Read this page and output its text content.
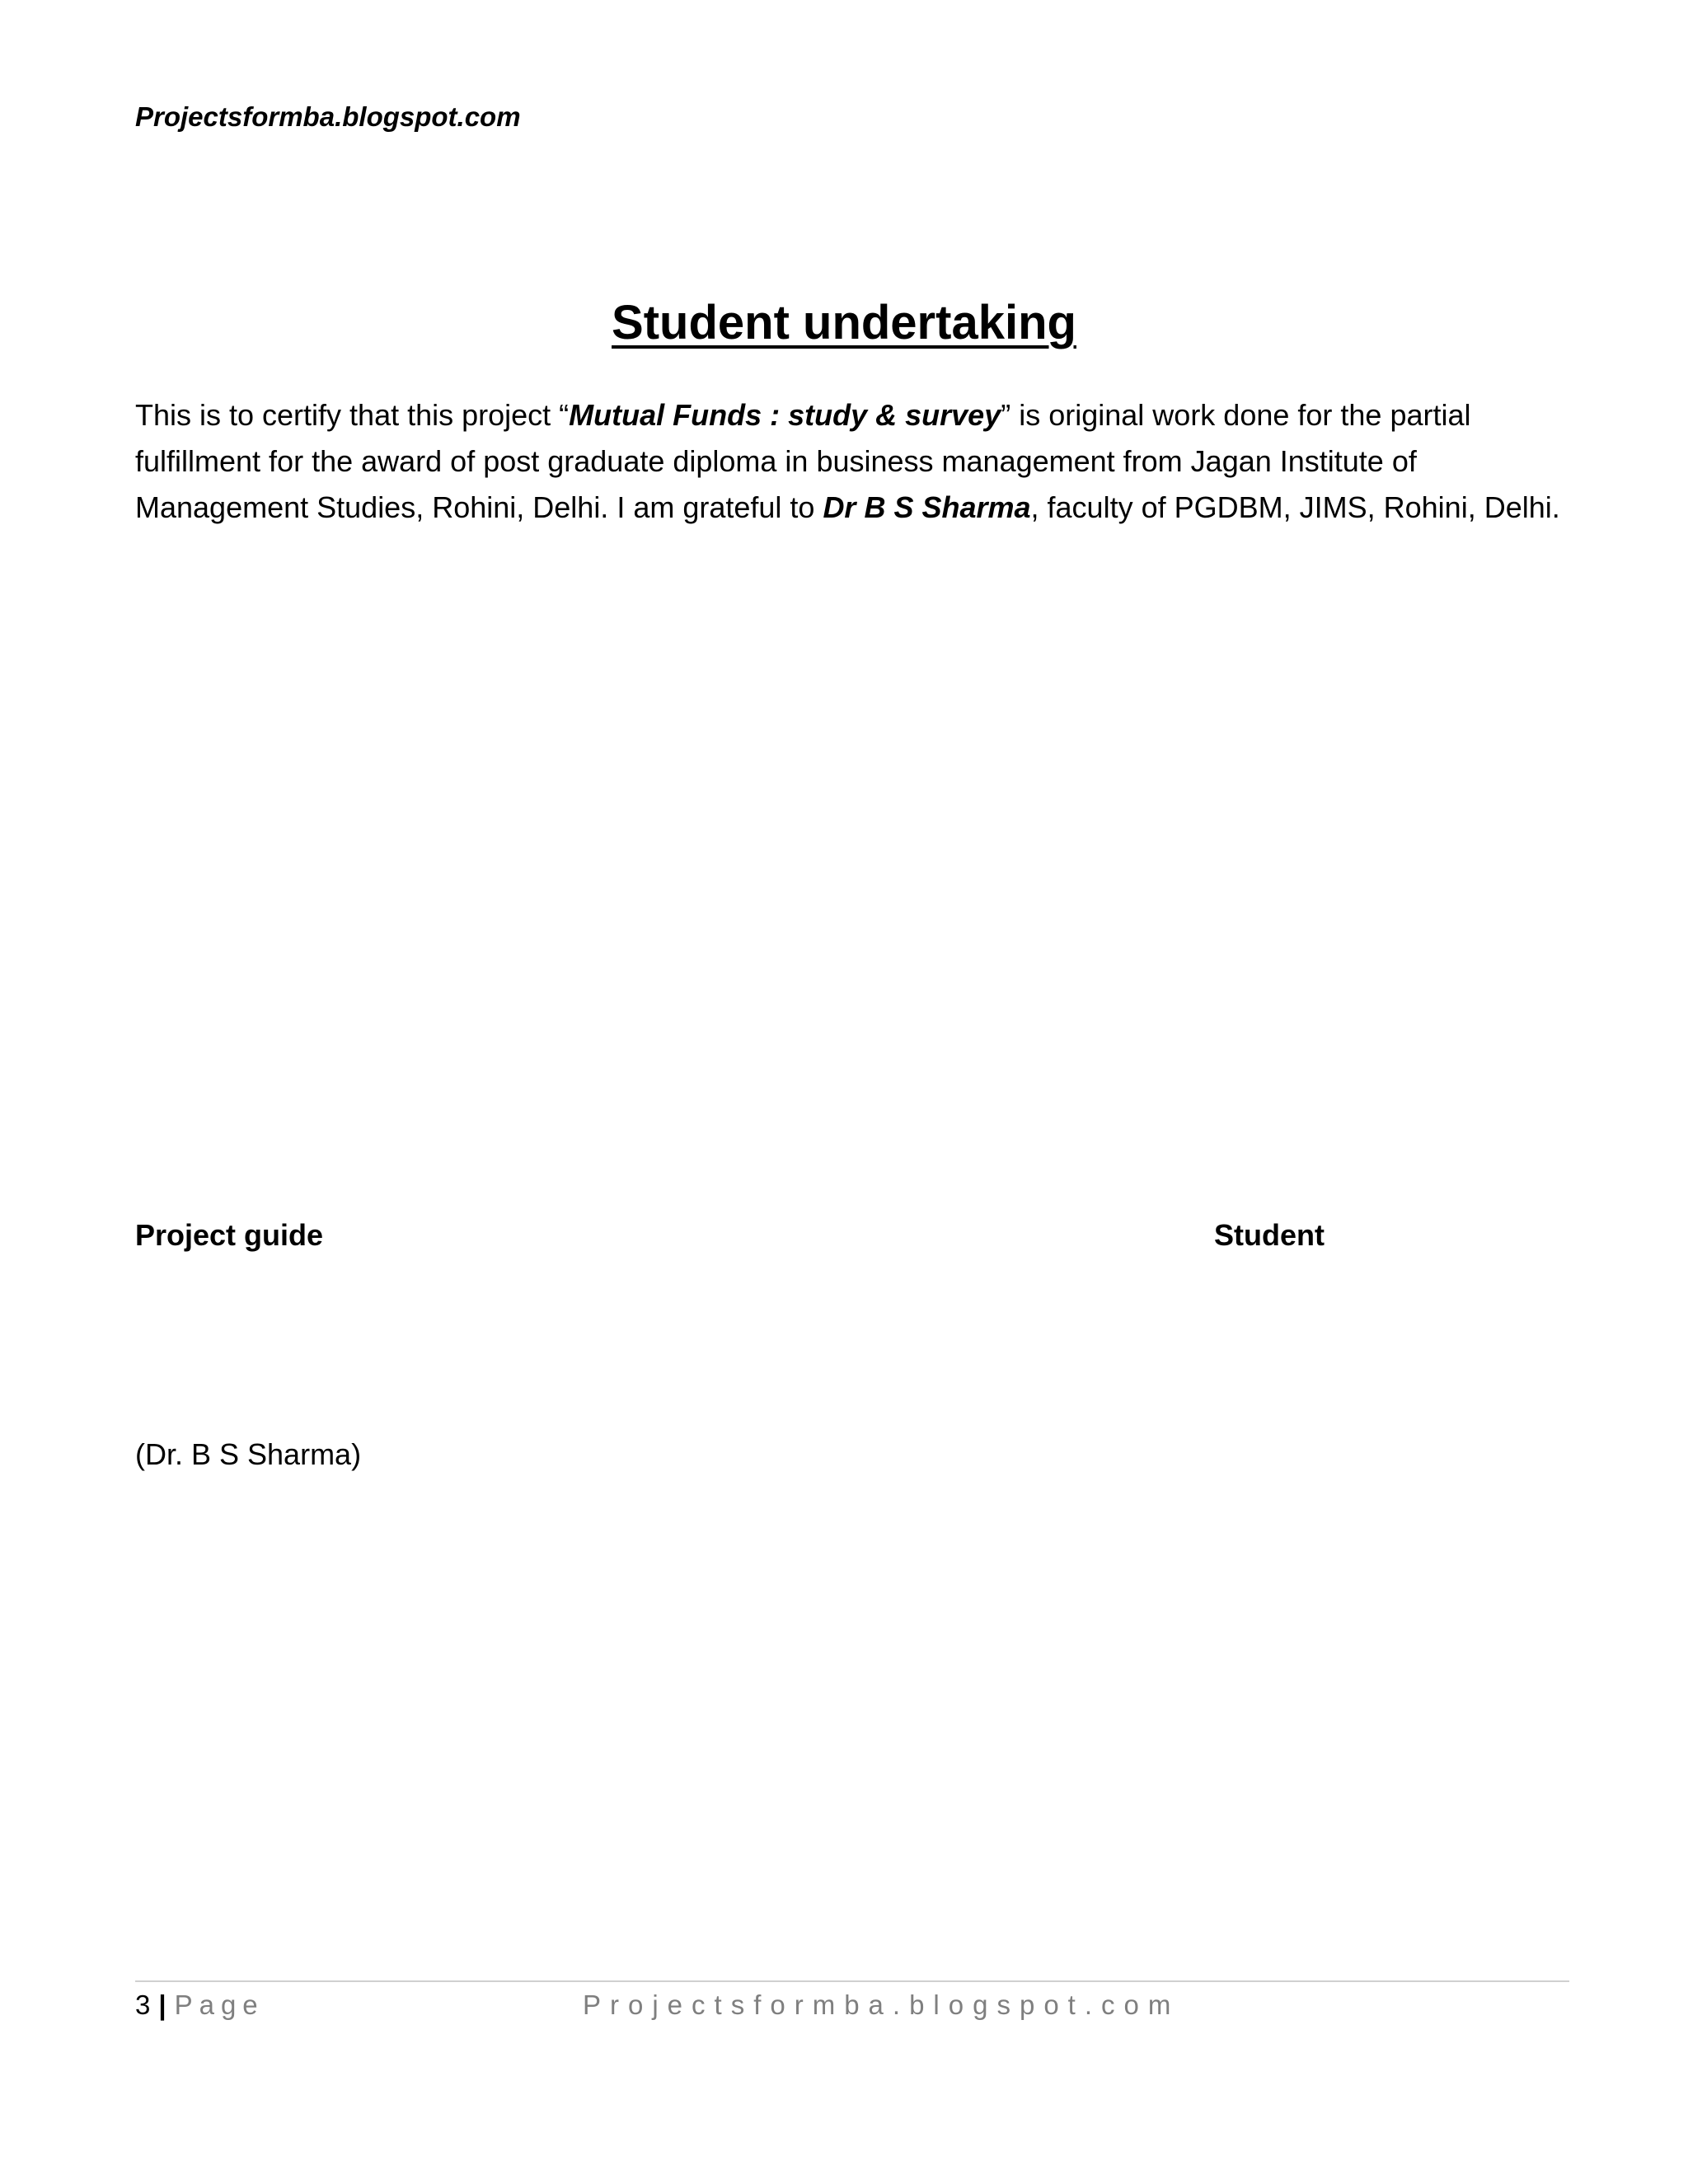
Projectsformba.blogspot.com
Student undertaking
This is to certify that this project “Mutual Funds : study & survey” is original work done for the partial fulfillment for the award of post graduate diploma in business management from Jagan Institute of Management Studies, Rohini, Delhi. I am grateful to Dr B S Sharma, faculty of PGDBM, JIMS, Rohini, Delhi.
Project guide	Student
(Dr. B S Sharma)
3 | Page	Projectsformba.blogspot.com
